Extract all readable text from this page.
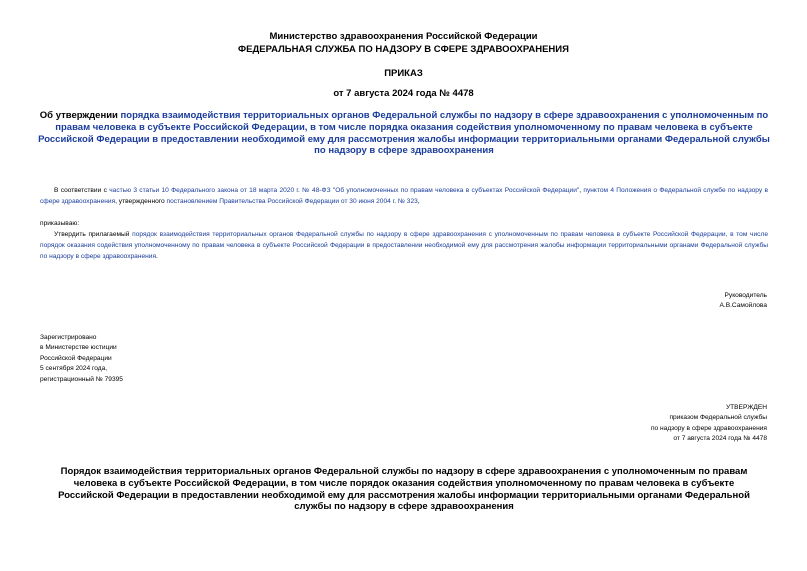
Министерство здравоохранения Российской Федерации
ФЕДЕРАЛЬНАЯ СЛУЖБА ПО НАДЗОРУ В СФЕРЕ ЗДРАВООХРАНЕНИЯ
ПРИКАЗ
от 7 августа 2024 года № 4478
Об утверждении порядка взаимодействия территориальных органов Федеральной службы по надзору в сфере здравоохранения с уполномоченным по правам человека в субъекте Российской Федерации, в том числе порядка оказания содействия уполномоченному по правам человека в субъекте Российской Федерации в предоставлении необходимой ему для рассмотрения жалобы информации территориальными органами Федеральной службы по надзору в сфере здравоохранения
В соответствии с частью 3 статьи 10 Федерального закона от 18 марта 2020 г. № 48-ФЗ "Об уполномоченных по правам человека в субъектах Российской Федерации", пунктом 4 Положения о Федеральной службе по надзору в сфере здравоохранения, утвержденного постановлением Правительства Российской Федерации от 30 июня 2004 г. № 323,
приказываю:
Утвердить прилагаемый порядок взаимодействия территориальных органов Федеральной службы по надзору в сфере здравоохранения с уполномоченным по правам человека в субъекте Российской Федерации, в том числе порядок оказания содействия уполномоченному по правам человека в субъекте Российской Федерации в предоставлении необходимой ему для рассмотрения жалобы информации территориальными органами Федеральной службы по надзору в сфере здравоохранения.
Руководитель
А.В.Самойлова
Зарегистрировано
в Министерстве юстиции
Российской Федерации
5 сентября 2024 года,
регистрационный № 79395
УТВЕРЖДЕН
приказом Федеральной службы
по надзору в сфере здравоохранения
от 7 августа 2024 года № 4478
Порядок взаимодействия территориальных органов Федеральной службы по надзору в сфере здравоохранения с уполномоченным по правам человека в субъекте Российской Федерации, в том числе порядок оказания содействия уполномоченному по правам человека в субъекте Российской Федерации в предоставлении необходимой ему для рассмотрения жалобы информации территориальными органами Федеральной службы по надзору в сфере здравоохранения
